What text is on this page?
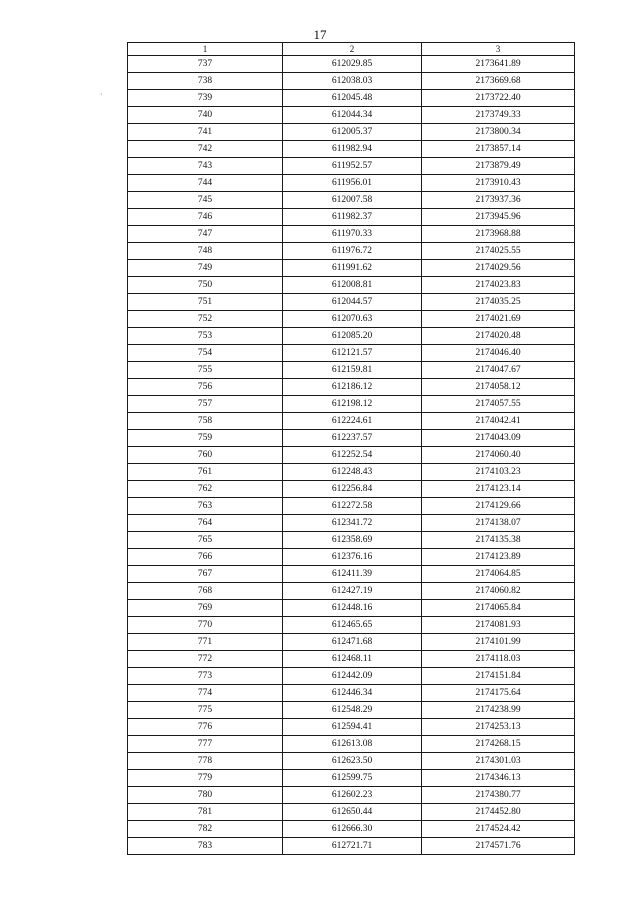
17
·
1	2	3
737	612029.85	2173641.89
738	612038.03	2173669.68
739	612045.48	2173722.40
740	612044.34	2173749.33
741	612005.37	2173800.34
742	611982.94	2173857.14
743	611952.57	2173879.49
744	611956.01	2173910.43
745	612007.58	2173937.36
746	611982.37	2173945.96
747	611970.33	2173968.88
748	611976.72	2174025.55
749	611991.62	2174029.56
750	612008.81	2174023.83
751	612044.57	2174035.25
752	612070.63	2174021.69
753	612085.20	2174020.48
754	612121.57	2174046.40
755	612159.81	2174047.67
756	612186.12	2174058.12
757	612198.12	2174057.55
758	612224.61	2174042.41
759	612237.57	2174043.09
760	612252.54	2174060.40
761	612248.43	2174103.23
762	612256.84	2174123.14
763	612272.58	2174129.66
764	612341.72	2174138.07
765	612358.69	2174135.38
766	612376.16	2174123.89
767	612411.39	2174064.85
768	612427.19	2174060.82
769	612448.16	2174065.84
770	612465.65	2174081.93
771	612471.68	2174101.99
772	612468.11	2174118.03
773	612442.09	2174151.84
774	612446.34	2174175.64
775	612548.29	2174238.99
776	612594.41	2174253.13
777	612613.08	2174268.15
778	612623.50	2174301.03
779	612599.75	2174346.13
780	612602.23	2174380.77
781	612650.44	2174452.80
782	612666.30	2174524.42
783	612721.71	2174571.76
